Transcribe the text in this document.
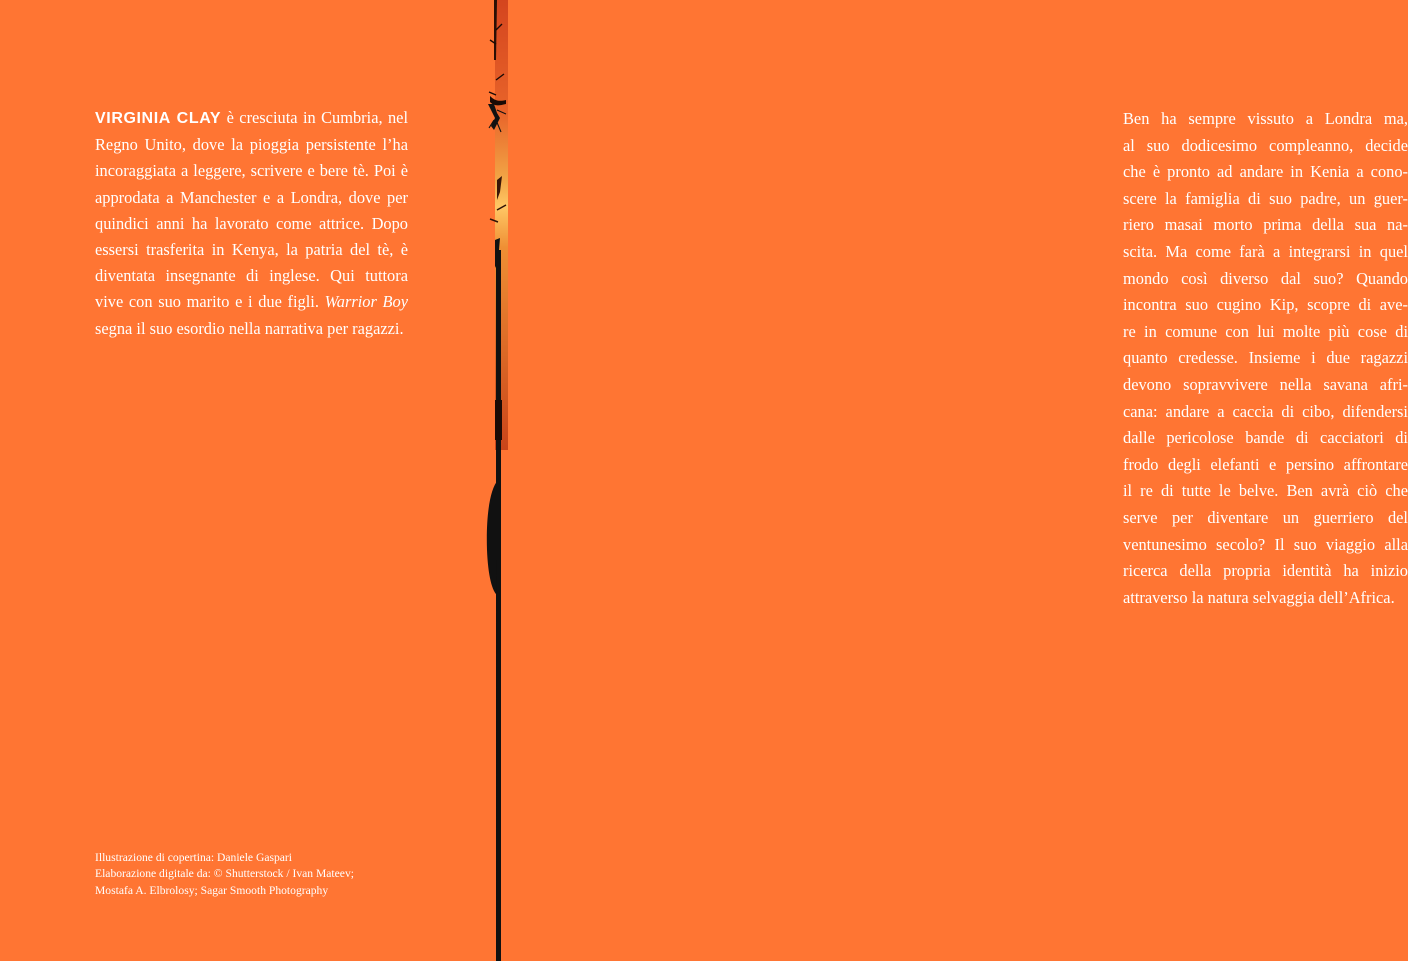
VIRGINIA CLAY è cresciuta in Cumbria, nel Regno Unito, dove la pioggia persistente l’ha incoraggiata a leggere, scrivere e bere tè. Poi è approdata a Manchester e a Londra, dove per quindici anni ha lavorato come attrice. Dopo essersi trasferita in Kenya, la patria del tè, è diventata insegnante di inglese. Qui tuttora vive con suo marito e i due figli. Warrior Boy segna il suo esordio nella narrativa per ragazzi.

Illustrazione di copertina: Daniele Gaspari
Elaborazione digitale da: © Shutterstock / Ivan Mateev;
Mostafa A. Elbrolosy; Sagar Smooth Photography
Ben ha sempre vissuto a Londra ma,
al suo dodicesimo compleanno, decide
che è pronto ad andare in Kenia a cono-
scere la famiglia di suo padre, un guer-
riero masai morto prima della sua na-
scita. Ma come farà a integrarsi in quel
mondo così diverso dal suo? Quando
incontra suo cugino Kip, scopre di ave-
re in comune con lui molte più cose di
quanto credesse. Insieme i due ragazzi
devono sopravvivere nella savana afri-
cana: andare a caccia di cibo, difendersi
dalle pericolose bande di cacciatori di
frodo degli elefanti e persino affrontare
il re di tutte le belve. Ben avrà ciò che
serve per diventare un guerriero del
ventunesimo secolo? Il suo viaggio alla
ricerca della propria identità ha inizio
attraverso la natura selvaggia dell’Africa.
